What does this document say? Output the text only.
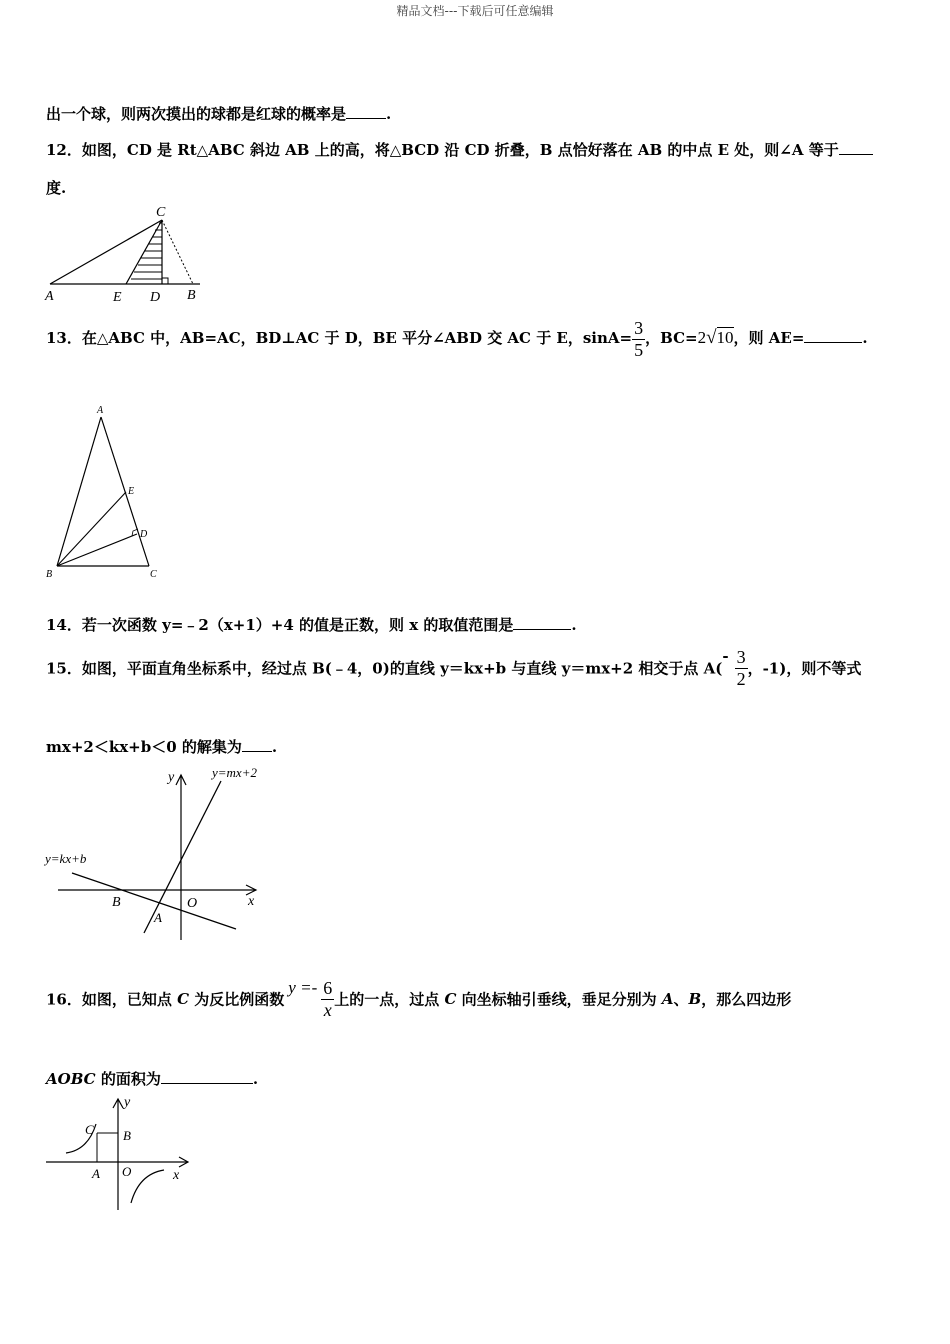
精品文档---下载后可任意编辑
出一个球，则两次摸出的球都是红球的概率是	.
12．如图，CD 是 Rt△ABC 斜边 AB 上的高，将△BCD 沿 CD 折叠，B 点恰好落在 AB 的中点 E 处，则∠A 等于
度.
A	E D B
C
13．在△ABC 中，AB=AC，BD⊥AC 于 D，BE 平分∠ABD 交 AC 于 E，$\sin A= \frac{3}{5}$ ，BC=2√10，则 AE=	.
A
E
D
B	C
14．若一次函数 y=﹣2（x+1）+4 的值是正数，则 x 的取值范围是	.
15．如图，平面直角坐标系中，经过点 B(﹣4，0)的直线 y＝kx+b 与直线 y＝mx+2 相交于点 $A(- \frac{3}{2}$ ，-1)，则不等式
mx+2＜kx+b＜0 的解集为 .
y
x
O
A
B
y=mx+2
y=kx+b
16．如图，已知点 C 为反比例函数$y =- \frac{6}{x}$ 上的一点，过点 C 向坐标轴引垂线，垂足分别为 A、B，那么四边形
AOBC 的面积为	.
y
x
O
A
B
C
